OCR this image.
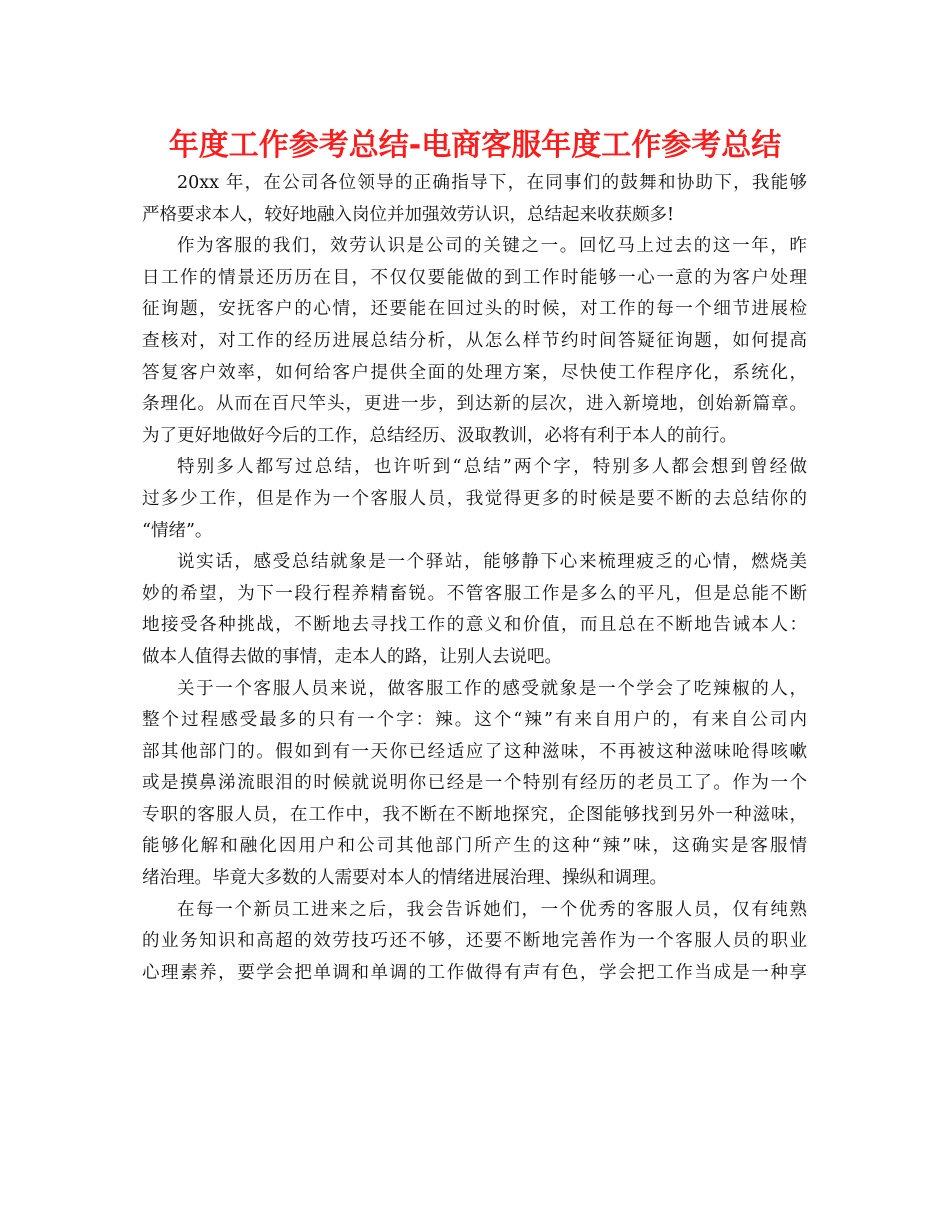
年度工作参考总结-电商客服年度工作参考总结
20xx 年，在公司各位领导的正确指导下，在同事们的鼓舞和协助下，我能够
严格要求本人，较好地融入岗位并加强效劳认识，总结起来收获颇多!
作为客服的我们，效劳认识是公司的关键之一。回忆马上过去的这一年，昨
日工作的情景还历历在目，不仅仅要能做的到工作时能够一心一意的为客户处理
征询题，安抚客户的心情，还要能在回过头的时候，对工作的每一个细节进展检
查核对，对工作的经历进展总结分析，从怎么样节约时间答疑征询题，如何提高
答复客户效率，如何给客户提供全面的处理方案，尽快使工作程序化，系统化，
条理化。从而在百尺竿头，更进一步，到达新的层次，进入新境地，创始新篇章。
为了更好地做好今后的工作，总结经历、汲取教训，必将有利于本人的前行。
特别多人都写过总结，也许听到“总结”两个字，特别多人都会想到曾经做
过多少工作，但是作为一个客服人员，我觉得更多的时候是要不断的去总结你的
“情绪”。
说实话，感受总结就象是一个驿站，能够静下心来梳理疲乏的心情，燃烧美
妙的希望，为下一段行程养精畜锐。不管客服工作是多么的平凡，但是总能不断
地接受各种挑战，不断地去寻找工作的意义和价值，而且总在不断地告诫本人：
做本人值得去做的事情，走本人的路，让别人去说吧。
关于一个客服人员来说，做客服工作的感受就象是一个学会了吃辣椒的人，
整个过程感受最多的只有一个字：辣。这个“辣”有来自用户的，有来自公司内
部其他部门的。假如到有一天你已经适应了这种滋味，不再被这种滋味呛得咳嗽
或是摸鼻涕流眼泪的时候就说明你已经是一个特别有经历的老员工了。作为一个
专职的客服人员，在工作中，我不断在不断地探究，企图能够找到另外一种滋味，
能够化解和融化因用户和公司其他部门所产生的这种“辣”味，这确实是客服情
绪治理。毕竟大多数的人需要对本人的情绪进展治理、操纵和调理。
在每一个新员工进来之后，我会告诉她们，一个优秀的客服人员，仅有纯熟
的业务知识和高超的效劳技巧还不够，还要不断地完善作为一个客服人员的职业
心理素养，要学会把单调和单调的工作做得有声有色，学会把工作当成是一种享
